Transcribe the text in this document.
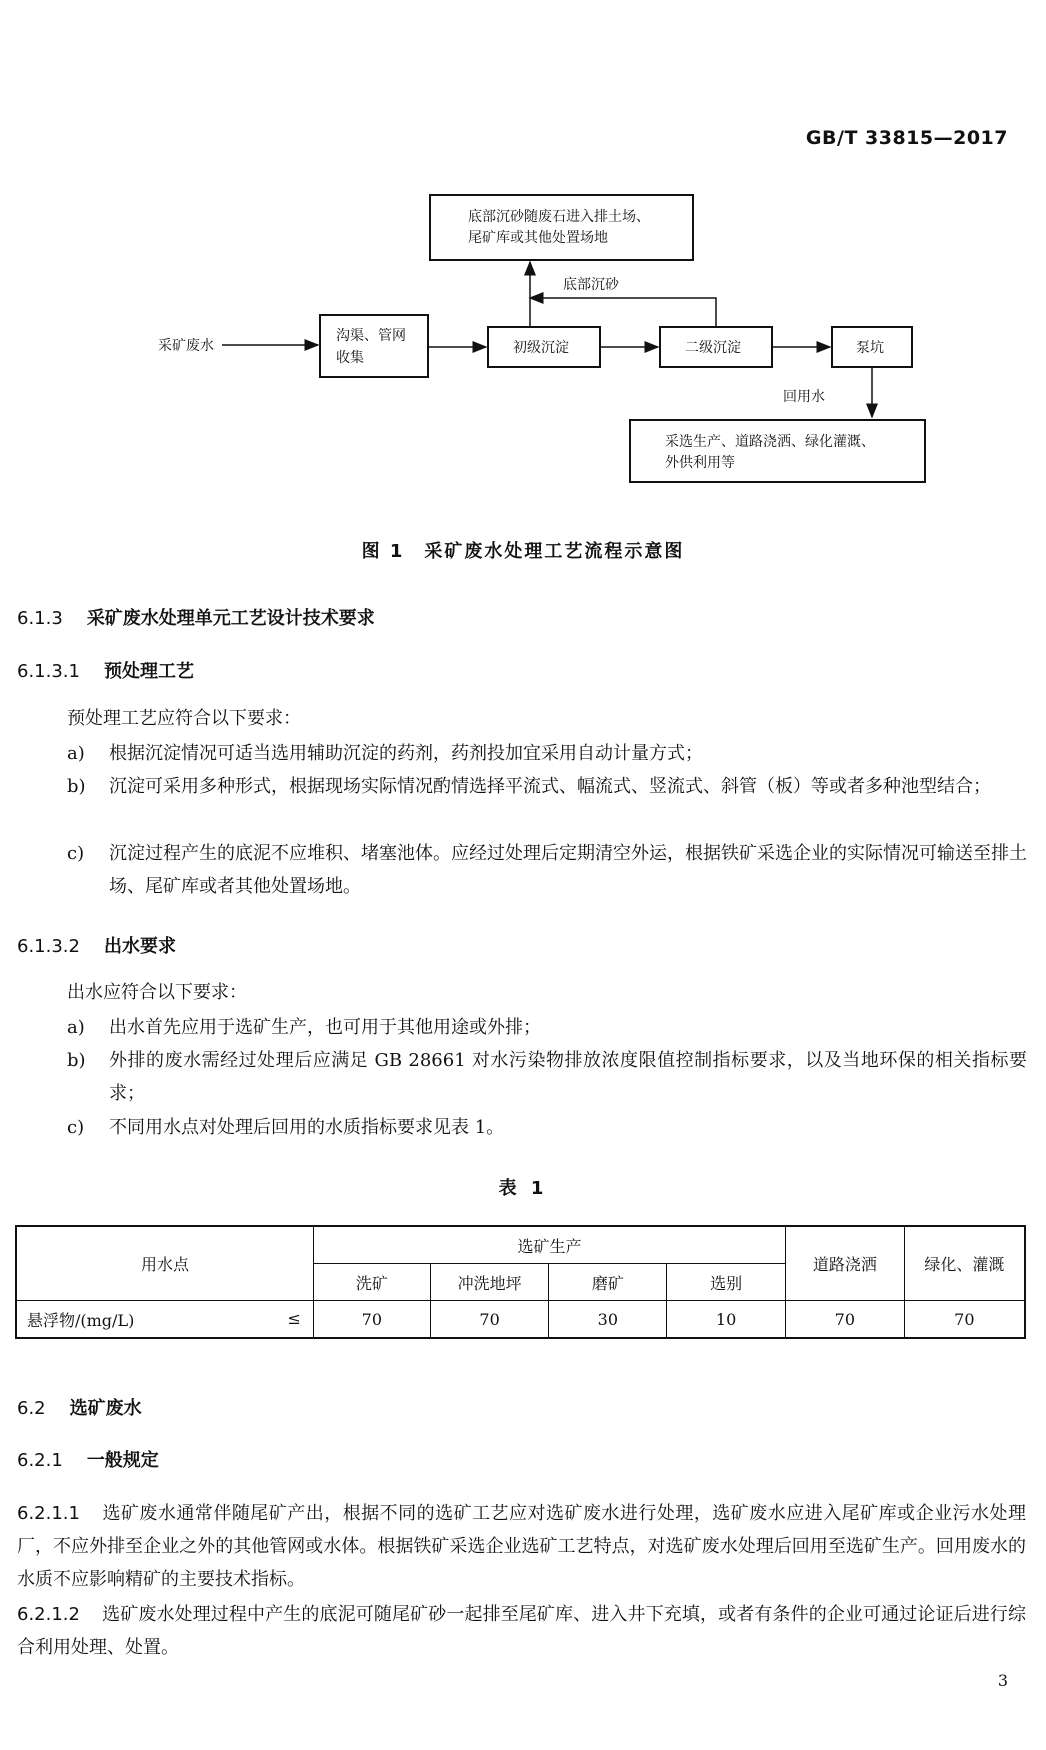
GB/T 33815—2017
底部沉砂随废石进入排土场、
尾矿库或其他处置场地
采矿废水
沟渠、管网
收集
初级沉淀	二级沉淀	泵坑
底部沉砂
回用水
采选生产、道路浇洒、绿化灌溉、
外供利用等
图 1　采矿废水处理工艺流程示意图
6.1.3 采矿废水处理单元工艺设计技术要求
6.1.3.1 预处理工艺
预处理工艺应符合以下要求：
a) 根据沉淀情况可适当选用辅助沉淀的药剂，药剂投加宜采用自动计量方式；
b) 沉淀可采用多种形式，根据现场实际情况酌情选择平流式、幅流式、竖流式、斜管（板）等或者多种池型结合；
c) 沉淀过程产生的底泥不应堆积、堵塞池体。应经过处理后定期清空外运，根据铁矿采选企业的实际情况可输送至排土场、尾矿库或者其他处置场地。
6.1.3.2 出水要求
出水应符合以下要求：
a) 出水首先应用于选矿生产，也可用于其他用途或外排；
b) 外排的废水需经过处理后应满足 GB 28661 对水污染物排放浓度限值控制指标要求，以及当地环保的相关指标要求；
c) 不同用水点对处理后回用的水质指标要求见表 1。
表 1
用水点	选矿生产				道路浇洒	绿化、灌溉
	洗矿	冲洗地坪	磨矿	选别		
悬浮物/(mg/L) ≤	70	70	30	10	70	70
6.2 选矿废水
6.2.1 一般规定
6.2.1.1 选矿废水通常伴随尾矿产出，根据不同的选矿工艺应对选矿废水进行处理，选矿废水应进入尾矿库或企业污水处理厂，不应外排至企业之外的其他管网或水体。根据铁矿采选企业选矿工艺特点，对选矿废水处理后回用至选矿生产。回用废水的水质不应影响精矿的主要技术指标。
6.2.1.2 选矿废水处理过程中产生的底泥可随尾矿砂一起排至尾矿库、进入井下充填，或者有条件的企业可通过论证后进行综合利用处理、处置。
3
